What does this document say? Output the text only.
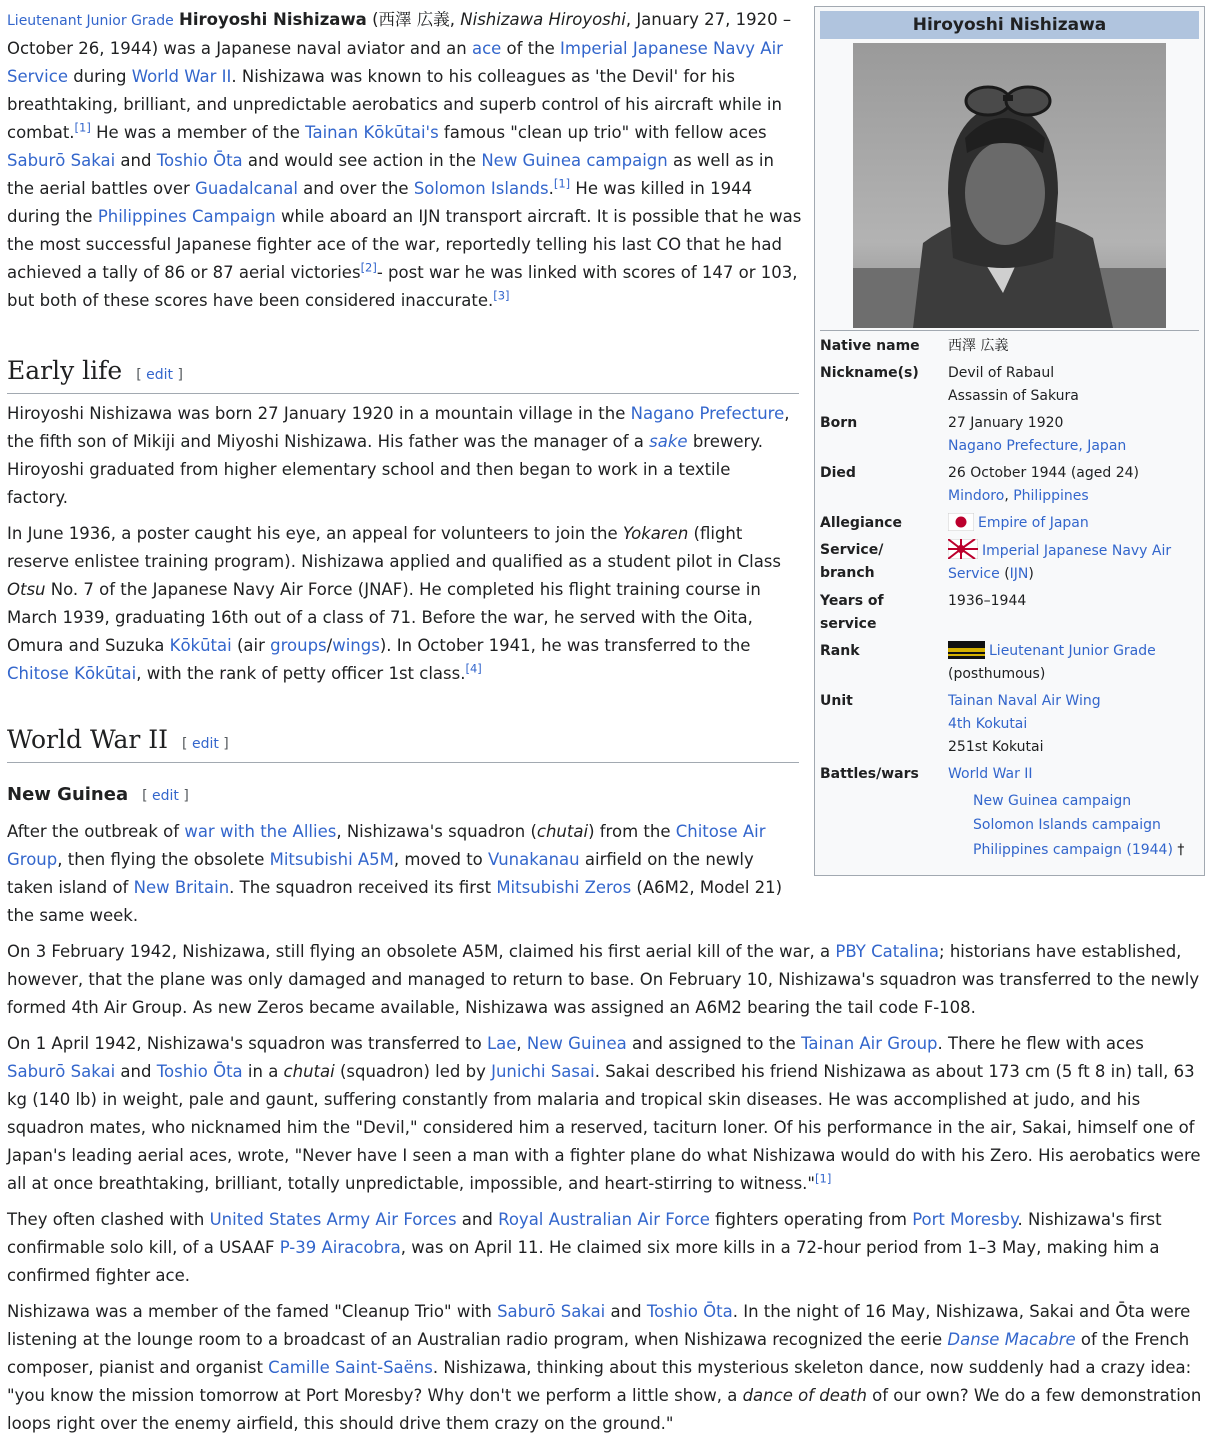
Lieutenant Junior Grade Hiroyoshi Nishizawa (西澤 広義, Nishizawa Hiroyoshi, January 27, 1920 – October 26, 1944) was a Japanese naval aviator and an ace of the Imperial Japanese Navy Air Service during World War II. Nishizawa was known to his colleagues as 'the Devil' for his breathtaking, brilliant, and unpredictable aerobatics and superb control of his aircraft while in combat.[1] He was a member of the Tainan Kōkūtai's famous "clean up trio" with fellow aces Saburō Sakai and Toshio Ōta and would see action in the New Guinea campaign as well as in the aerial battles over Guadalcanal and over the Solomon Islands.[1] He was killed in 1944 during the Philippines Campaign while aboard an IJN transport aircraft. It is possible that he was the most successful Japanese fighter ace of the war, reportedly telling his last CO that he had achieved a tally of 86 or 87 aerial victories[2]- post war he was linked with scores of 147 or 103, but both of these scores have been considered inaccurate.[3]

Early life [ edit ]

Hiroyoshi Nishizawa was born 27 January 1920 in a mountain village in the Nagano Prefecture, the fifth son of Mikiji and Miyoshi Nishizawa. His father was the manager of a sake brewery. Hiroyoshi graduated from higher elementary school and then began to work in a textile factory.

In June 1936, a poster caught his eye, an appeal for volunteers to join the Yokaren (flight reserve enlistee training program). Nishizawa applied and qualified as a student pilot in Class Otsu No. 7 of the Japanese Navy Air Force (JNAF). He completed his flight training course in March 1939, graduating 16th out of a class of 71. Before the war, he served with the Oita, Omura and Suzuka Kōkūtai (air groups/wings). In October 1941, he was transferred to the Chitose Kōkūtai, with the rank of petty officer 1st class.[4]

World War II [ edit ]
New Guinea [ edit ]

After the outbreak of war with the Allies, Nishizawa's squadron (chutai) from the Chitose Air Group, then flying the obsolete Mitsubishi A5M, moved to Vunakanau airfield on the newly taken island of New Britain. The squadron received its first Mitsubishi Zeros (A6M2, Model 21) the same week.

On 3 February 1942, Nishizawa, still flying an obsolete A5M, claimed his first aerial kill of the war, a PBY Catalina; historians have established, however, that the plane was only damaged and managed to return to base. On February 10, Nishizawa's squadron was transferred to the newly formed 4th Air Group. As new Zeros became available, Nishizawa was assigned an A6M2 bearing the tail code F-108.

On 1 April 1942, Nishizawa's squadron was transferred to Lae, New Guinea and assigned to the Tainan Air Group. There he flew with aces Saburō Sakai and Toshio Ōta in a chutai (squadron) led by Junichi Sasai. Sakai described his friend Nishizawa as about 173 cm (5 ft 8 in) tall, 63 kg (140 lb) in weight, pale and gaunt, suffering constantly from malaria and tropical skin diseases. He was accomplished at judo, and his squadron mates, who nicknamed him the "Devil," considered him a reserved, taciturn loner. Of his performance in the air, Sakai, himself one of Japan's leading aerial aces, wrote, "Never have I seen a man with a fighter plane do what Nishizawa would do with his Zero. His aerobatics were all at once breathtaking, brilliant, totally unpredictable, impossible, and heart-stirring to witness."[1]

They often clashed with United States Army Air Forces and Royal Australian Air Force fighters operating from Port Moresby. Nishizawa's first confirmable solo kill, of a USAAF P-39 Airacobra, was on April 11. He claimed six more kills in a 72-hour period from 1–3 May, making him a confirmed fighter ace.

Nishizawa was a member of the famed "Cleanup Trio" with Saburō Sakai and Toshio Ōta. In the night of 16 May, Nishizawa, Sakai and Ōta were listening at the lounge room to a broadcast of an Australian radio program, when Nishizawa recognized the eerie Danse Macabre of the French composer, pianist and organist Camille Saint-Saëns. Nishizawa, thinking about this mysterious skeleton dance, now suddenly had a crazy idea: "you know the mission tomorrow at Port Moresby? Why don't we perform a little show, a dance of death of our own? We do a few demonstration loops right over the enemy airfield, this should drive them crazy on the ground."

Hiroyoshi Nishizawa
Native name	西澤 広義
Nickname(s)	Devil of Rabaul
Assassin of Sakura
Born	27 January 1920
Nagano Prefecture, Japan
Died	26 October 1944 (aged 24)
Mindoro, Philippines
Allegiance	Empire of Japan
Service/
branch	Imperial Japanese Navy Air Service (IJN)
Years of
service	1936–1944
Rank	Lieutenant Junior Grade
(posthumous)
Unit	Tainan Naval Air Wing
4th Kokutai
251st Kokutai
Battles/wars	World War II
New Guinea campaign
Solomon Islands campaign
Philippines campaign (1944) †
